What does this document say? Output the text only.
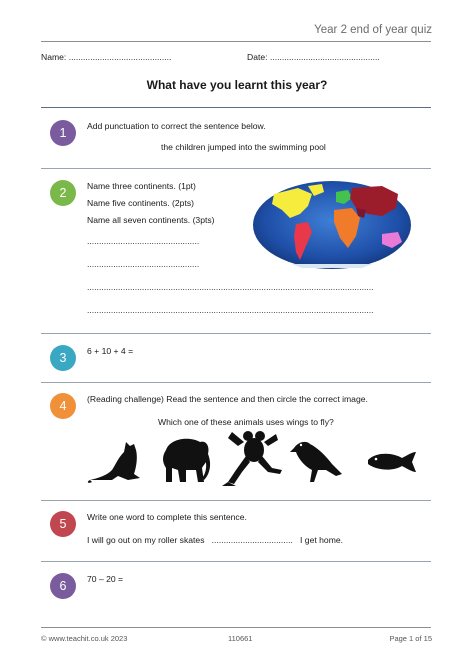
Year 2 end of year quiz
Name: ...........................................	Date: ..............................................
What have you learnt this year?
1	Add punctuation to correct the sentence below.
the children jumped into the swimming pool
2	Name three continents. (1pt)
Name five continents. (2pts)
Name all seven continents. (3pts)
...............................................
...............................................
........................................................................................................................
........................................................................................................................
3	6 + 10 + 4 =
4	(Reading challenge) Read the sentence and then circle the correct image.
Which one of these animals uses wings to fly?
5	Write one word to complete this sentence.
I will go out on my roller skates .................................. I get home.
6	70 – 20 =
© www.teachit.co.uk 2023	110661	Page 1 of 15
